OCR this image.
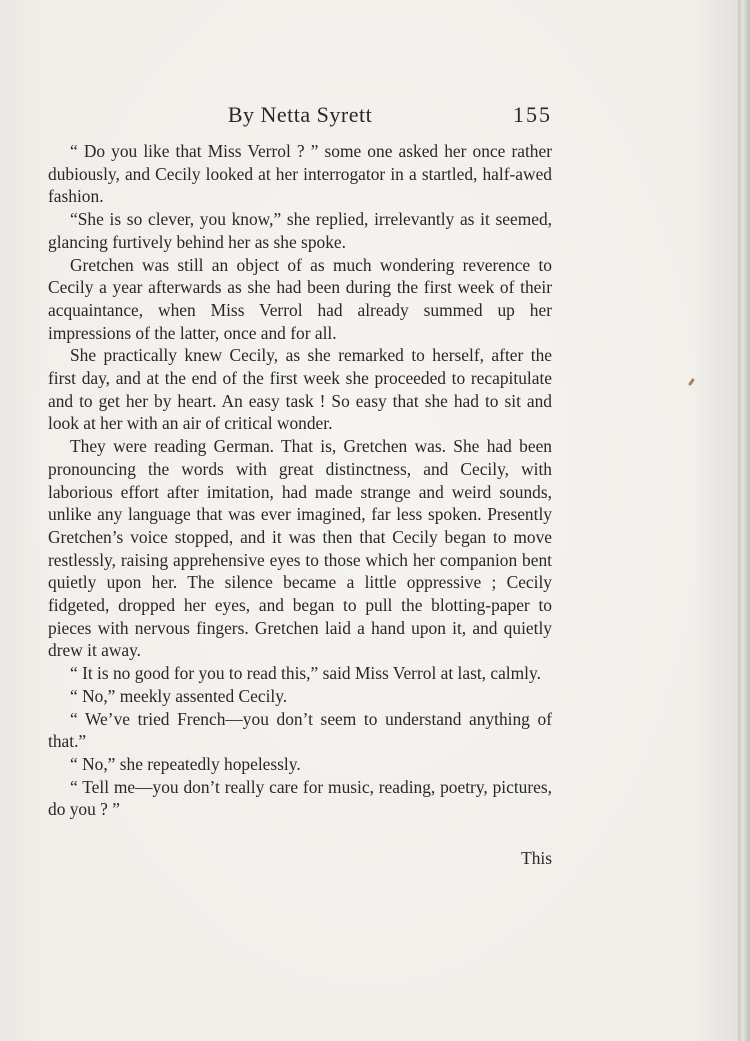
By Netta Syrett	155

“ Do you like that Miss Verrol ? ” some one asked her once rather dubiously, and Cecily looked at her interrogator in a startled, half-awed fashion.

“She is so clever, you know,” she replied, irrelevantly as it seemed, glancing furtively behind her as she spoke.

Gretchen was still an object of as much wondering reverence to Cecily a year afterwards as she had been during the first week of their acquaintance, when Miss Verrol had already summed up her impressions of the latter, once and for all.

She practically knew Cecily, as she remarked to herself, after the first day, and at the end of the first week she proceeded to recapitulate and to get her by heart. An easy task ! So easy that she had to sit and look at her with an air of critical wonder.

They were reading German. That is, Gretchen was. She had been pronouncing the words with great distinctness, and Cecily, with laborious effort after imitation, had made strange and weird sounds, unlike any language that was ever imagined, far less spoken. Presently Gretchen’s voice stopped, and it was then that Cecily began to move restlessly, raising apprehensive eyes to those which her companion bent quietly upon her. The silence became a little oppressive ; Cecily fidgeted, dropped her eyes, and began to pull the blotting-paper to pieces with nervous fingers. Gretchen laid a hand upon it, and quietly drew it away.

“ It is no good for you to read this,” said Miss Verrol at last, calmly.

“ No,” meekly assented Cecily.

“ We’ve tried French—you don’t seem to understand anything of that.”

“ No,” she repeatedly hopelessly.

“ Tell me—you don’t really care for music, reading, poetry, pictures, do you ? ”

This
